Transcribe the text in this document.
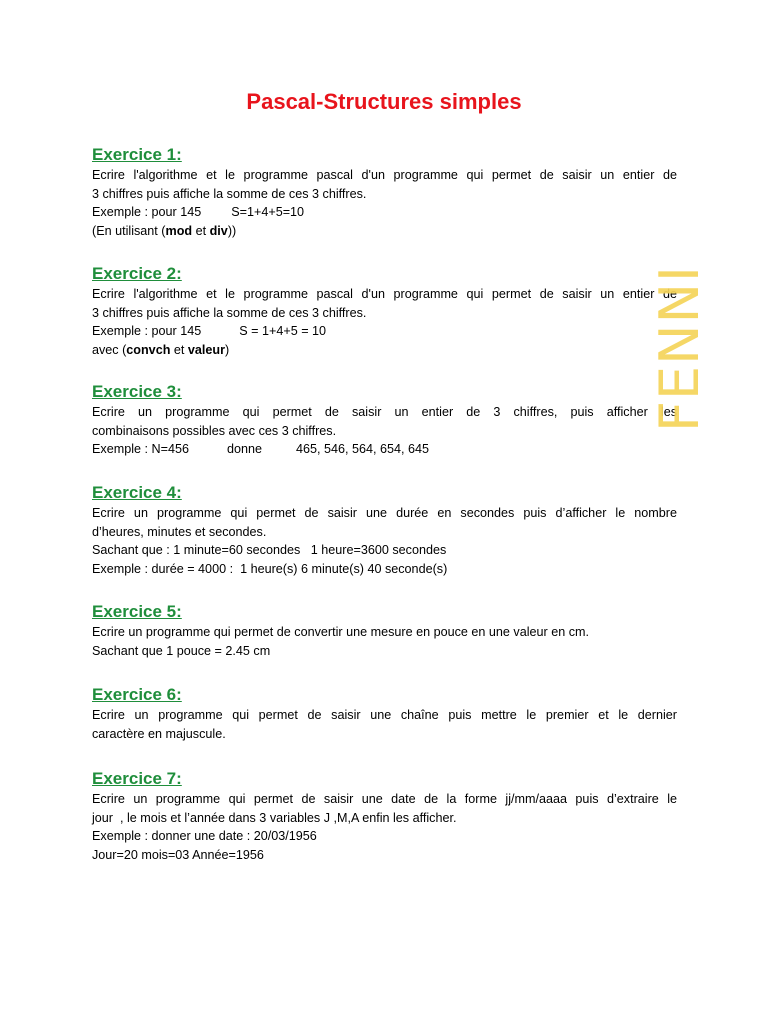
Pascal-Structures simples
FENNI
Exercice 1:
Ecrire l'algorithme et le programme pascal d'un programme qui permet de saisir un entier de
3 chiffres puis affiche la somme de ces 3 chiffres.
Exemple : pour 145 S=1+4+5=10
(En utilisant (mod et div))
Exercice 2:
Ecrire l'algorithme et le programme pascal d'un programme qui permet de saisir un entier de
3 chiffres puis affiche la somme de ces 3 chiffres.
Exemple : pour 145	S = 1+4+5 = 10
avec (convch et valeur)
Exercice 3:
Ecrire un programme qui permet de saisir un entier de 3 chiffres, puis afficher les
combinaisons possibles avec ces 3 chiffres.
Exemple : N=456	donne	465, 546, 564, 654, 645
Exercice 4:
Ecrire un programme qui permet de saisir une durée en secondes puis d’afficher le nombre
d’heures, minutes et secondes.
Sachant que : 1 minute=60 secondes   1 heure=3600 secondes
Exemple : durée = 4000 :  1 heure(s) 6 minute(s) 40 seconde(s)
Exercice 5:
Ecrire un programme qui permet de convertir une mesure en pouce en une valeur en cm.
Sachant que 1 pouce = 2.45 cm
Exercice 6:
Ecrire un programme qui permet de saisir une chaîne puis mettre le premier et le dernier
caractère en majuscule.
Exercice 7:
Ecrire un programme qui permet de saisir une date de la forme jj/mm/aaaa puis d’extraire le
jour  , le mois et l’année dans 3 variables J ,M,A enfin les afficher.
Exemple : donner une date : 20/03/1956
Jour=20 mois=03 Année=1956
